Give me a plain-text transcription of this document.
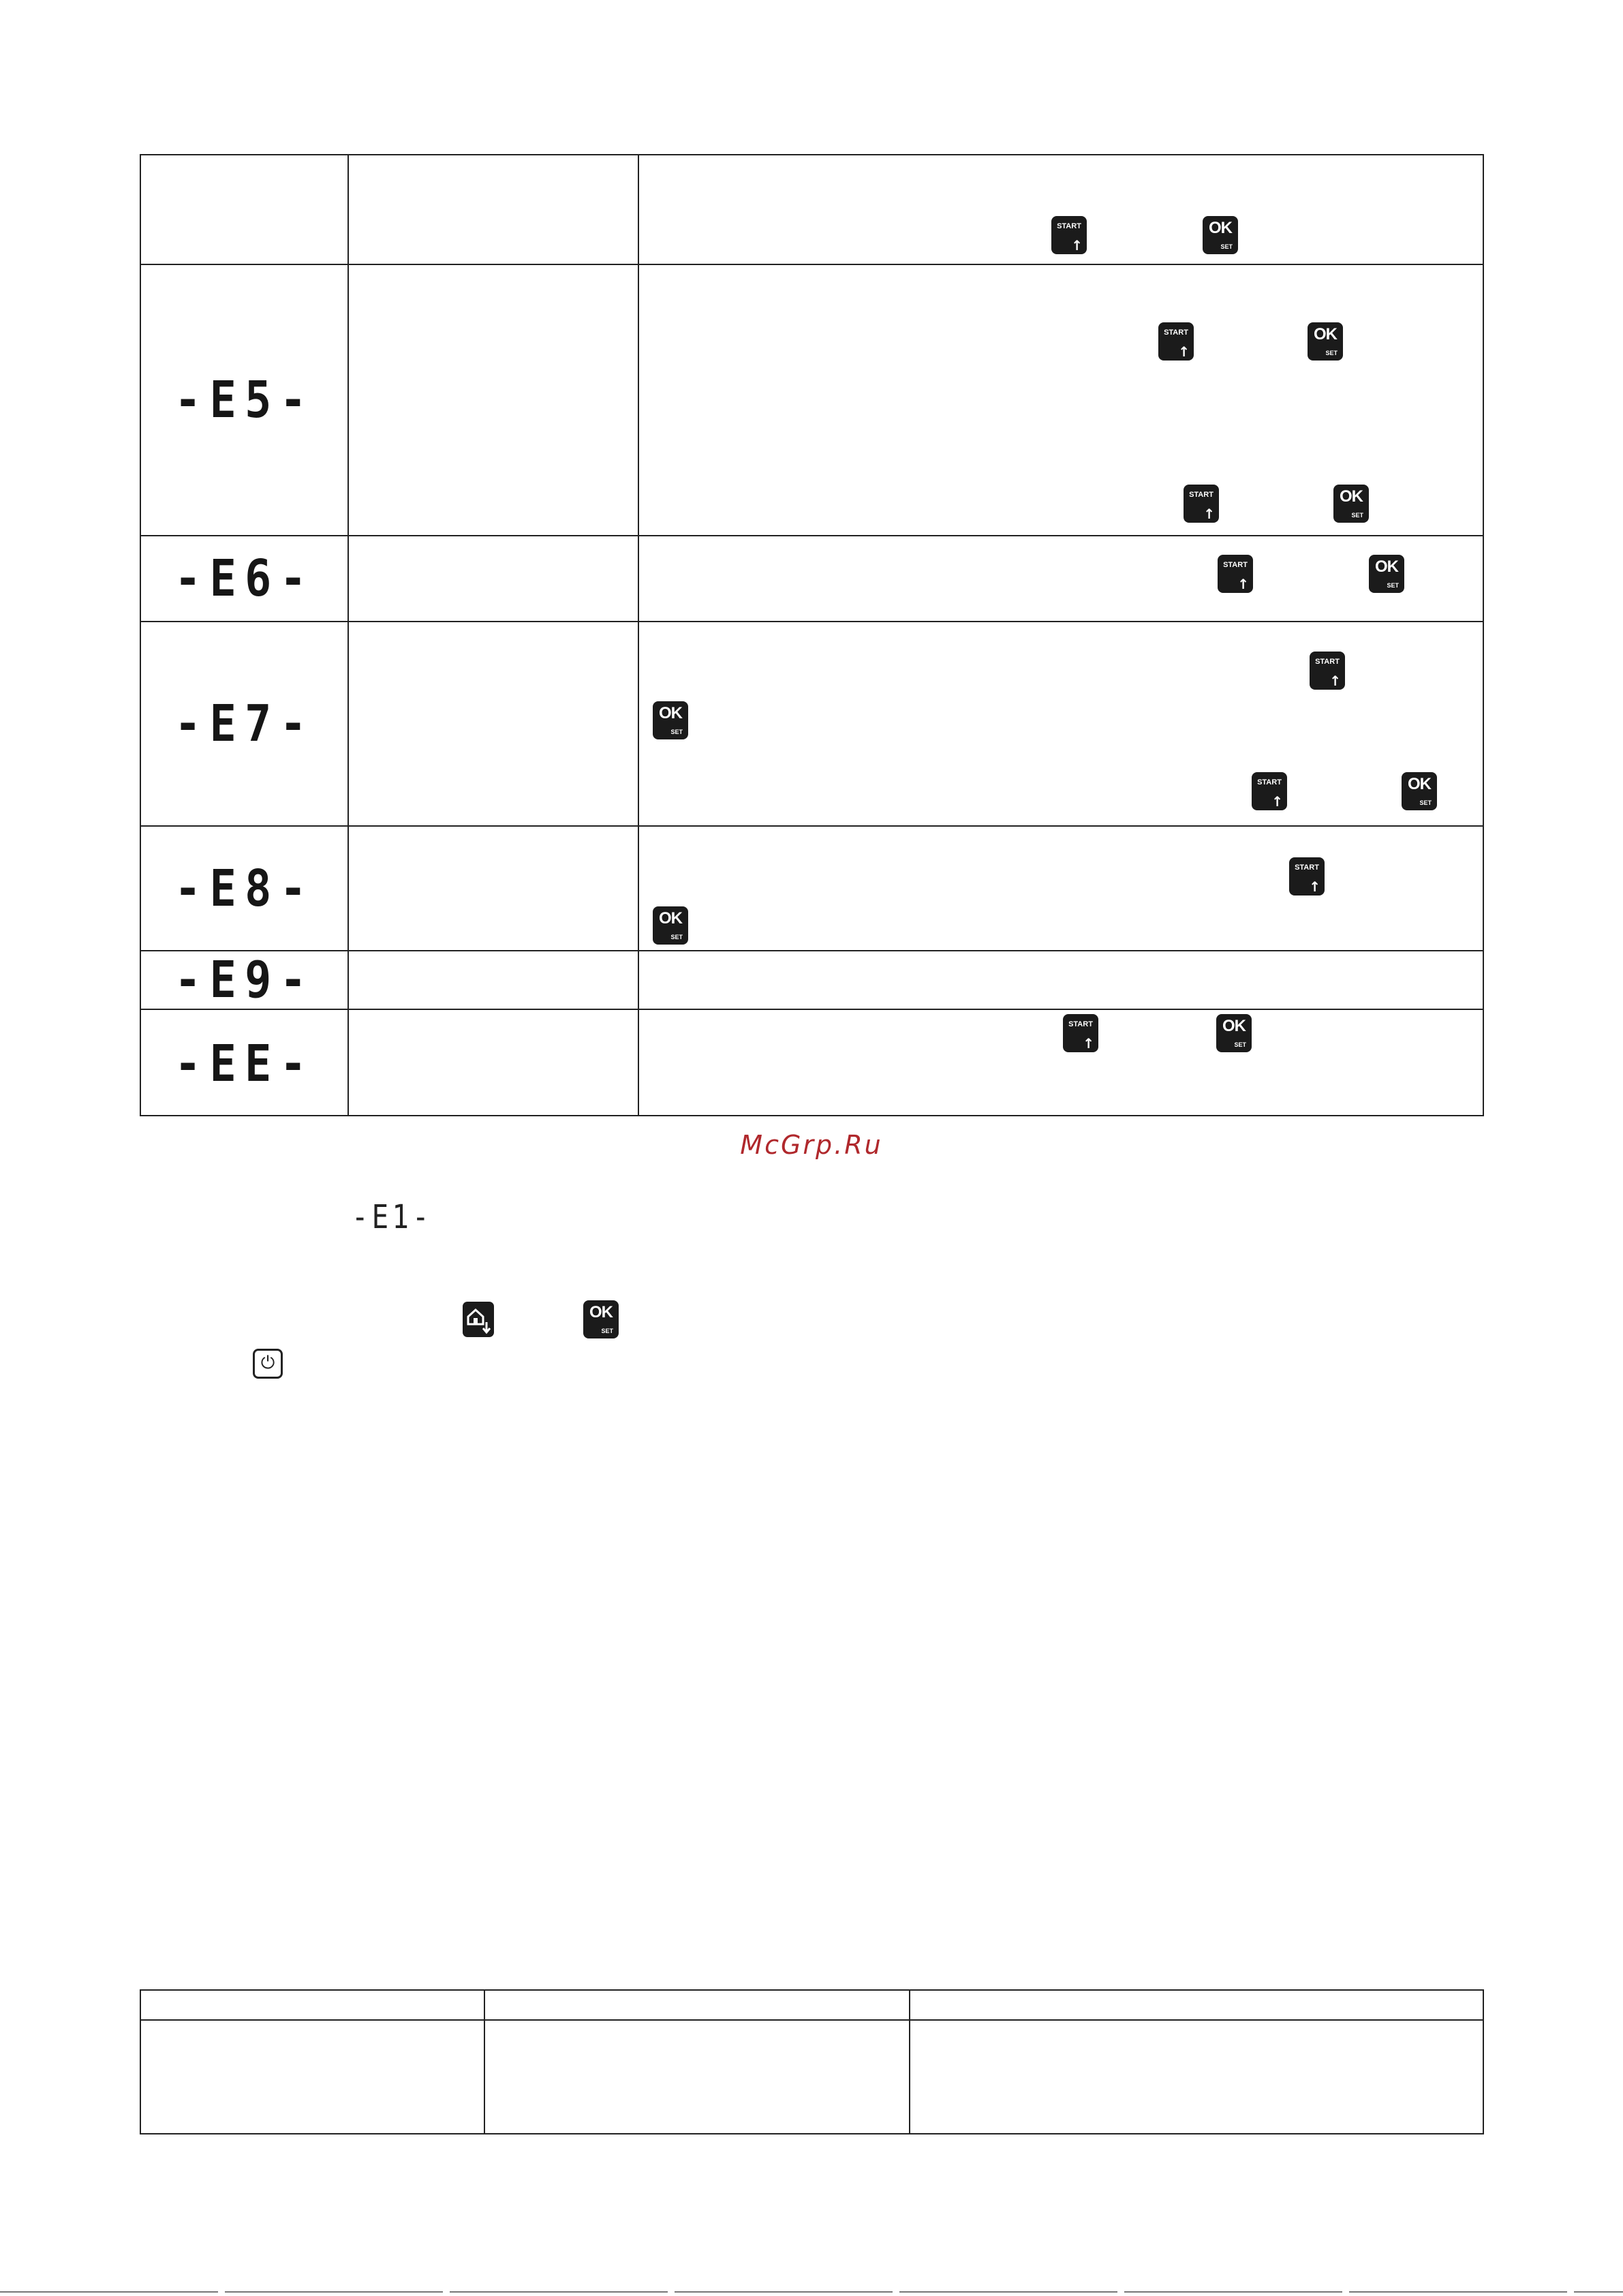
START
↑
OK
SET
-E5-
START
↑
OK
SET
START
↑
OK
SET
-E6-	START
↑
OK
SET
-E7-
START
↑
OK
SET
START
↑
OK
SET
-E8-	START
↑
OK
SET
-E9-
-EE-
START
↑
OK
SET
McGrp.Ru
-E1-
OK
SET
⏻
